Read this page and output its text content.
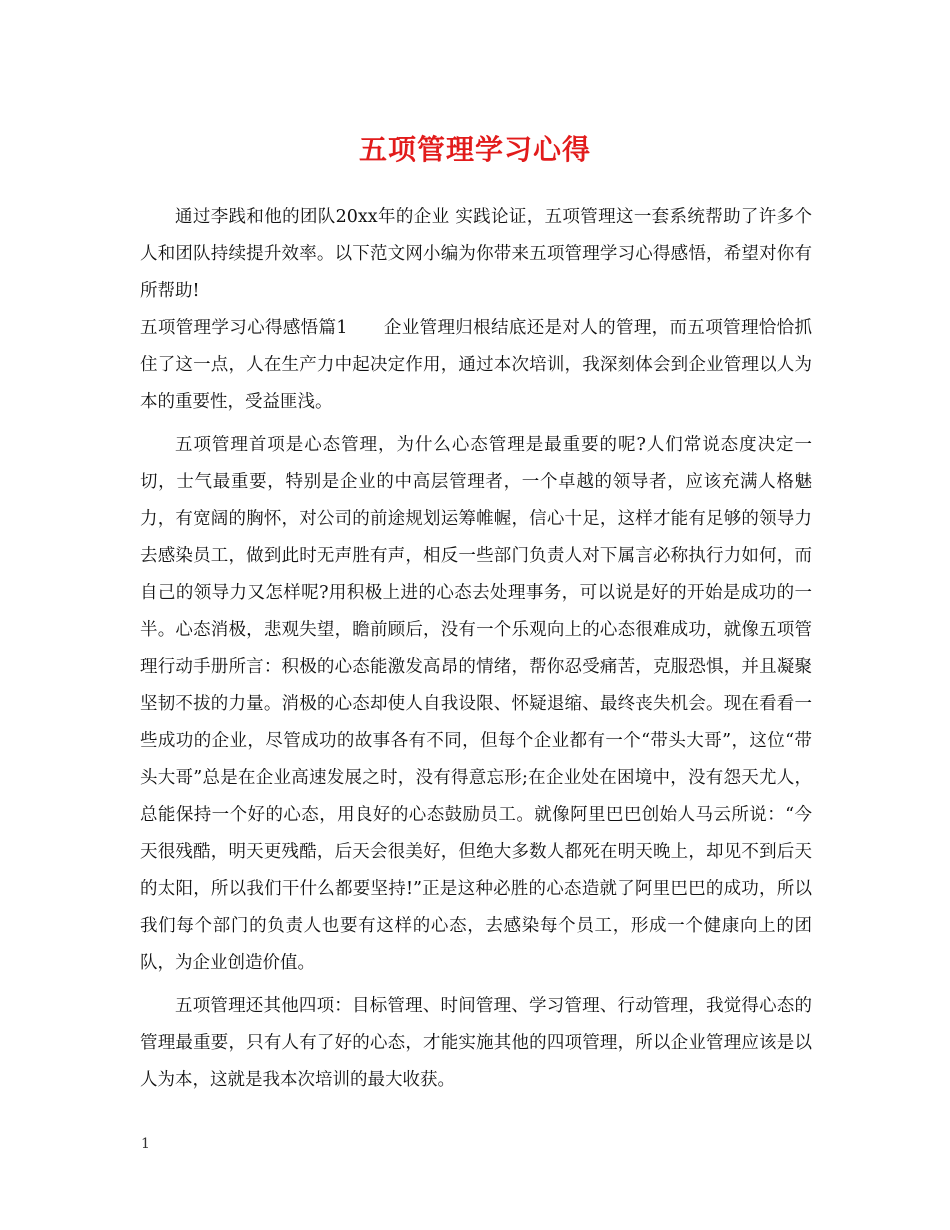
五项管理学习心得

通过李践和他的团队20xx年的企业 实践论证，五项管理这一套系统帮助了许多个人和团队持续提升效率。以下范文网小编为你带来五项管理学习心得感悟，希望对你有所帮助!

五项管理学习心得感悟篇1 企业管理归根结底还是对人的管理，而五项管理恰恰抓住了这一点，人在生产力中起决定作用，通过本次培训，我深刻体会到企业管理以人为本的重要性，受益匪浅。

五项管理首项是心态管理，为什么心态管理是最重要的呢?人们常说态度决定一切，士气最重要，特别是企业的中高层管理者，一个卓越的领导者，应该充满人格魅力，有宽阔的胸怀，对公司的前途规划运筹帷幄，信心十足，这样才能有足够的领导力去感染员工，做到此时无声胜有声，相反一些部门负责人对下属言必称执行力如何，而自己的领导力又怎样呢?用积极上进的心态去处理事务，可以说是好的开始是成功的一半。心态消极，悲观失望，瞻前顾后，没有一个乐观向上的心态很难成功，就像五项管理行动手册所言：积极的心态能激发高昂的情绪，帮你忍受痛苦，克服恐惧，并且凝聚坚韧不拔的力量。消极的心态却使人自我设限、怀疑退缩、最终丧失机会。现在看看一些成功的企业，尽管成功的故事各有不同，但每个企业都有一个“带头大哥”，这位“带头大哥”总是在企业高速发展之时，没有得意忘形;在企业处在困境中，没有怨天尤人，总能保持一个好的心态，用良好的心态鼓励员工。就像阿里巴巴创始人马云所说：“今天很残酷，明天更残酷，后天会很美好，但绝大多数人都死在明天晚上，却见不到后天的太阳，所以我们干什么都要坚持!”正是这种必胜的心态造就了阿里巴巴的成功，所以我们每个部门的负责人也要有这样的心态，去感染每个员工，形成一个健康向上的团队，为企业创造价值。

五项管理还其他四项：目标管理、时间管理、学习管理、行动管理，我觉得心态的管理最重要，只有人有了好的心态，才能实施其他的四项管理，所以企业管理应该是以人为本，这就是我本次培训的最大收获。

1
